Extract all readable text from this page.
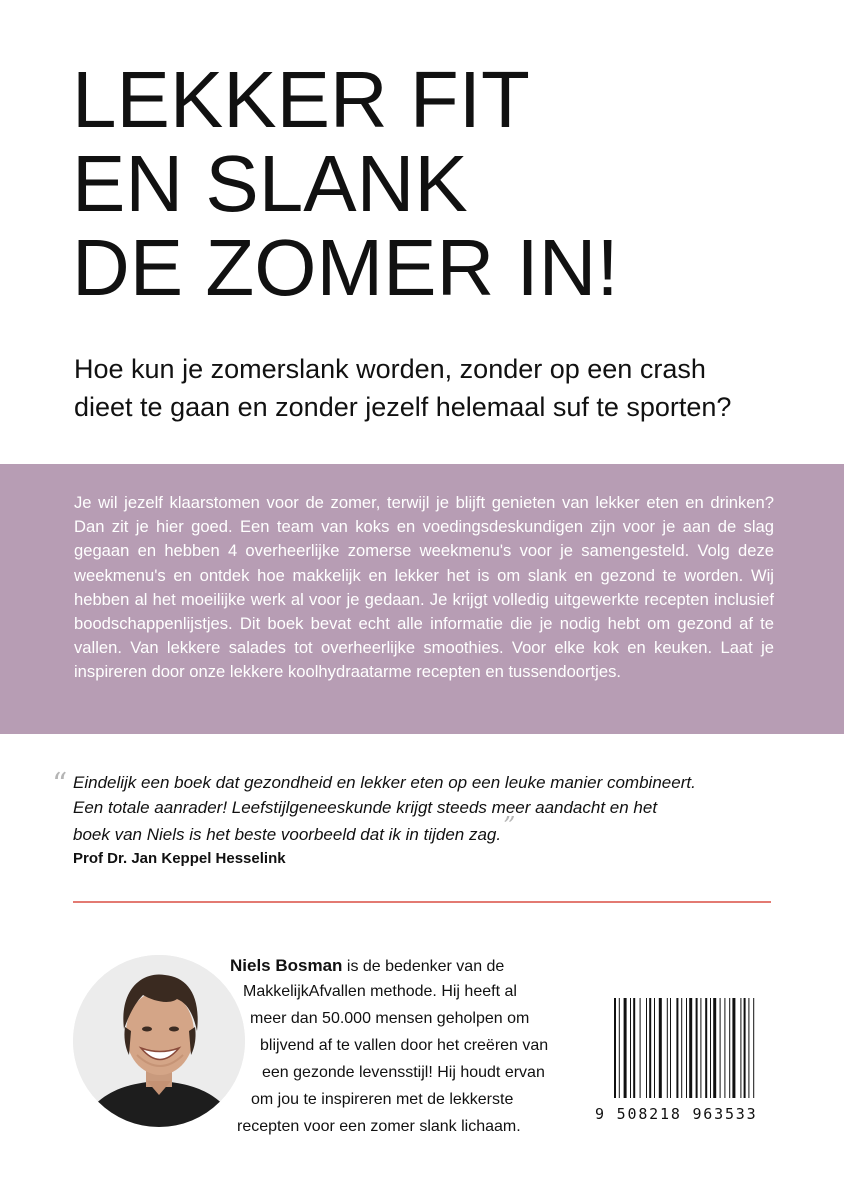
LEKKER FIT
EN SLANK
DE ZOMER IN!

Hoe kun je zomerslank worden, zonder op een crash
dieet te gaan en zonder jezelf helemaal suf te sporten?

Je wil jezelf klaarstomen voor de zomer, terwijl je blijft genieten van lekker eten en drinken? Dan zit je hier goed. Een team van koks en voedingsdeskundigen zijn voor je aan de slag gegaan en hebben 4 overheerlijke zomerse weekmenu's voor je samengesteld. Volg deze weekmenu's en ontdek hoe makkelijk en lekker het is om slank en gezond te worden. Wij hebben al het moeilijke werk al voor je gedaan. Je krijgt volledig uitgewerkte recepten inclusief boodschappenlijstjes. Dit boek bevat echt alle informatie die je nodig hebt om gezond af te vallen. Van lekkere salades tot overheerlijke smoothies. Voor elke kok en keuken. Laat je inspireren door onze lekkere koolhydraatarme recepten en tussendoortjes.

“ Eindelijk een boek dat gezondheid en lekker eten op een leuke manier combineert.
Een totale aanrader! Leefstijlgeneeskunde krijgt steeds meer aandacht en het
boek van Niels is het beste voorbeeld dat ik in tijden zag.”

Prof Dr. Jan Keppel Hesselink

Niels Bosman is de bedenker van de
MakkelijkAfvallen methode. Hij heeft al
meer dan 50.000 mensen geholpen om
blijvend af te vallen door het creëren van
een gezonde levensstijl! Hij houdt ervan
om jou te inspireren met de lekkerste
recepten voor een zomer slank lichaam.
9 508218 963533
